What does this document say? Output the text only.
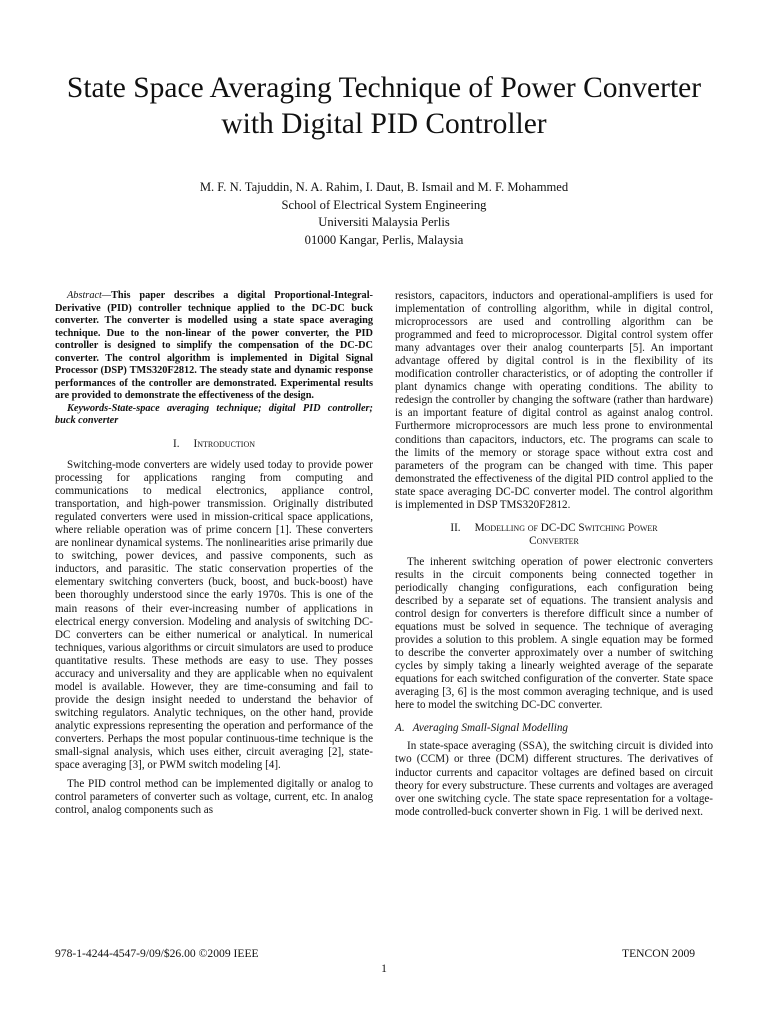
State Space Averaging Technique of Power Converter
with Digital PID Controller
M. F. N. Tajuddin, N. A. Rahim, I. Daut, B. Ismail and M. F. Mohammed
School of Electrical System Engineering
Universiti Malaysia Perlis
01000 Kangar, Perlis, Malaysia

Abstract—This paper describes a digital Proportional-Integral-Derivative (PID) controller technique applied to the DC-DC buck converter. The converter is modelled using a state space averaging technique. Due to the non-linear of the power converter, the PID controller is designed to simplify the compensation of the DC-DC converter. The control algorithm is implemented in Digital Signal Processor (DSP) TMS320F2812. The steady state and dynamic response performances of the controller are demonstrated. Experimental results are provided to demonstrate the effectiveness of the design.

Keywords-State-space averaging technique; digital PID controller; buck converter

I. Introduction

Switching-mode converters are widely used today to provide power processing for applications ranging from computing and communications to medical electronics, appliance control, transportation, and high-power transmission. Originally distributed regulated converters were used in mission-critical space applications, where reliable operation was of prime concern [1]. These converters are nonlinear dynamical systems. The nonlinearities arise primarily due to switching, power devices, and passive components, such as inductors, and parasitic. The static conservation properties of the elementary switching converters (buck, boost, and buck-boost) have been thoroughly understood since the early 1970s. This is one of the main reasons of their ever-increasing number of applications in electrical energy conversion. Modeling and analysis of switching DC-DC converters can be either numerical or analytical. In numerical techniques, various algorithms or circuit simulators are used to produce quantitative results. These methods are easy to use. They posses accuracy and universality and they are applicable when no equivalent model is available. However, they are time-consuming and fail to provide the design insight needed to understand the behavior of switching regulators. Analytic techniques, on the other hand, provide analytic expressions representing the operation and performance of the converters. Perhaps the most popular continuous-time technique is the small-signal analysis, which uses either, circuit averaging [2], state-space averaging [3], or PWM switch modeling [4].

The PID control method can be implemented digitally or analog to control parameters of converter such as voltage, current, etc. In analog control, analog components such as

resistors, capacitors, inductors and operational-amplifiers is used for implementation of controlling algorithm, while in digital control, microprocessors are used and controlling algorithm can be programmed and feed to microprocessor. Digital control system offer many advantages over their analog counterparts [5]. An important advantage offered by digital control is in the flexibility of its modification controller characteristics, or of adopting the controller if plant dynamics change with operating conditions. The ability to redesign the controller by changing the software (rather than hardware) is an important feature of digital control as against analog control. Furthermore microprocessors are much less prone to environmental conditions than capacitors, inductors, etc. The programs can scale to the limits of the memory or storage space without extra cost and parameters of the program can be changed with time. This paper demonstrated the effectiveness of the digital PID control applied to the state space averaging DC-DC converter model. The control algorithm is implemented in DSP TMS320F2812.

II. Modelling of DC-DC Switching Power
Converter

The inherent switching operation of power electronic converters results in the circuit components being connected together in periodically changing configurations, each configuration being described by a separate set of equations. The transient analysis and control design for converters is therefore difficult since a number of equations must be solved in sequence. The technique of averaging provides a solution to this problem. A single equation may be formed to describe the converter approximately over a number of switching cycles by simply taking a linearly weighted average of the separate equations for each switched configuration of the converter. State space averaging [3, 6] is the most common averaging technique, and is used here to model the switching DC-DC converter.

A. Averaging Small-Signal Modelling

In state-space averaging (SSA), the switching circuit is divided into two (CCM) or three (DCM) different structures. The derivatives of inductor currents and capacitor voltages are defined based on circuit theory for every substructure. These currents and voltages are averaged over one switching cycle. The state space representation for a voltage-mode controlled-buck converter shown in Fig. 1 will be derived next.

978-1-4244-4547-9/09/$26.00 ©2009 IEEE	TENCON 2009
1
